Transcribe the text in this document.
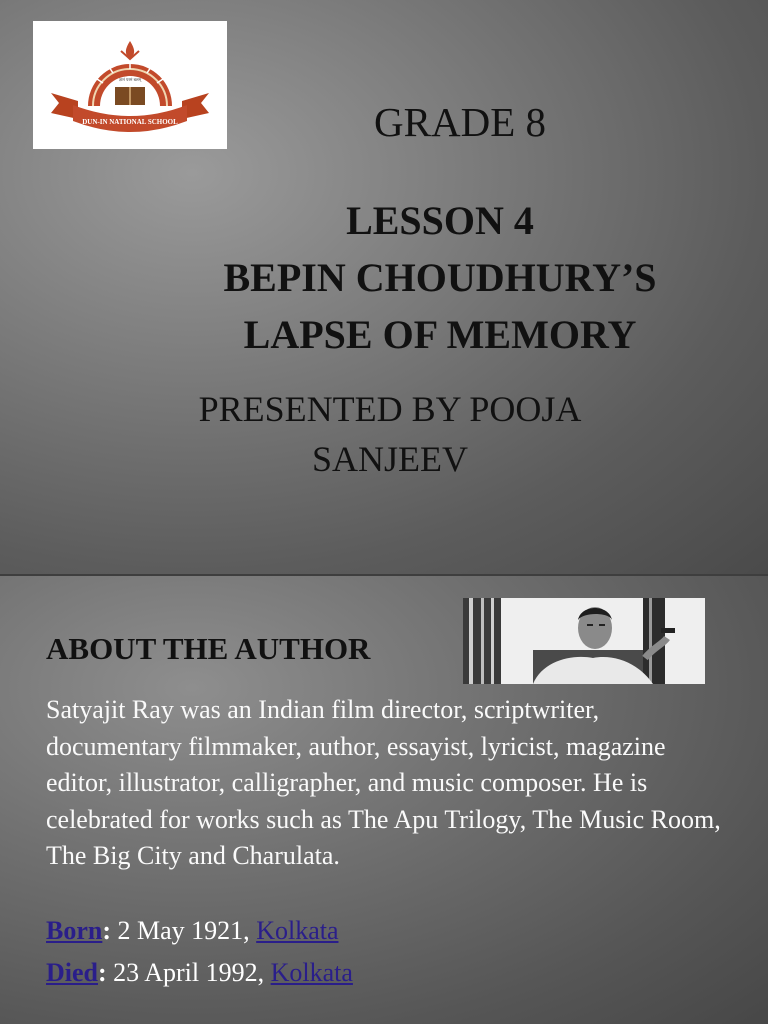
DUN-IN NATIONAL SCHOOL
ज्ञानं परमं बलम्
GRADE 8
LESSON 4
BEPIN CHOUDHURY’S
LAPSE OF MEMORY
PRESENTED BY POOJA
SANJEEV
ABOUT THE AUTHOR
Satyajit Ray was an Indian film director, scriptwriter, documentary filmmaker, author, essayist, lyricist, magazine editor, illustrator, calligrapher, and music composer. He is celebrated for works such as The Apu Trilogy, The Music Room, The Big City and Charulata.
Born: 2 May 1921, Kolkata
Died: 23 April 1992, Kolkata
